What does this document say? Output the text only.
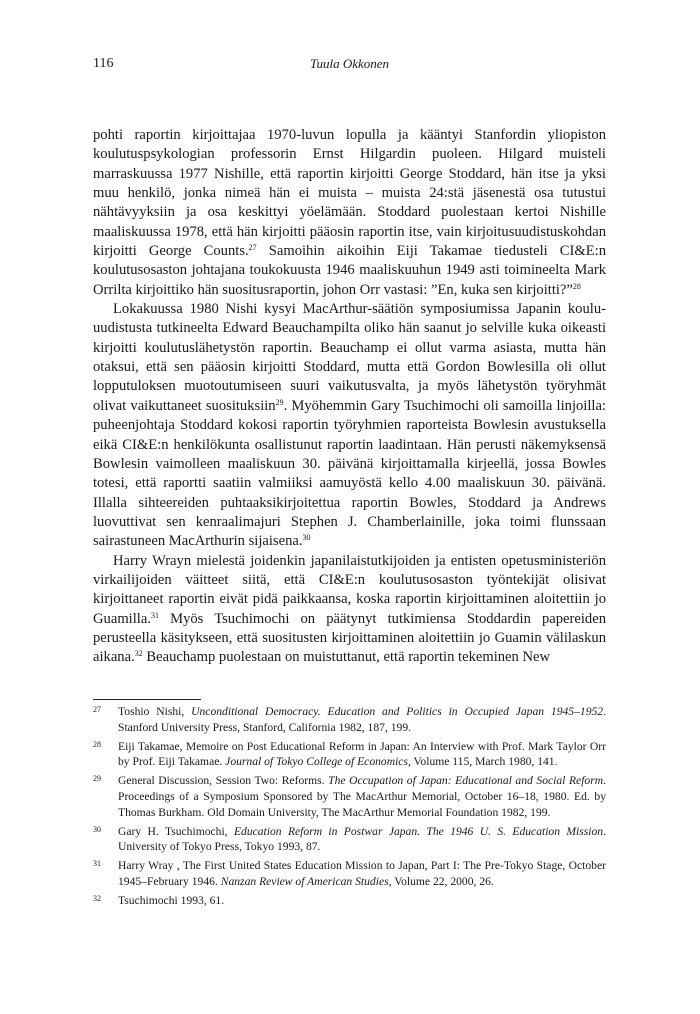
116	Tuula Okkonen

pohti raportin kirjoittajaa 1970-luvun lopulla ja kääntyi Stanfordin yliopiston koulutuspsykologian professorin Ernst Hilgardin puoleen. Hilgard muisteli marraskuussa 1977 Nishille, että raportin kirjoitti George Stoddard, hän itse ja yksi muu henkilö, jonka nimeä hän ei muista – muista 24:stä jäsenestä osa tutustui nähtävyyksiin ja osa keskittyi yöelämään. Stoddard puolestaan kertoi Nishille maaliskuussa 1978, että hän kirjoitti pääosin raportin itse, vain kirjoitusuudistuskohdan kirjoitti George Counts.$^{27}$ Samoihin aikoihin Eiji Takamae tiedusteli CI&E:n koulutusosaston johtajana toukokuusta 1946 maaliskuuhun 1949 asti toimineelta Mark Orrilta kirjoittiko hän suositusraportin, johon Orr vastasi: ”En, kuka sen kirjoitti?”$^{28}$

Lokakuussa 1980 Nishi kysyi MacArthur-säätiön symposiumissa Japanin kouluuudistusta tutkineelta Edward Beauchampilta oliko hän saanut jo selville kuka oikeasti kirjoitti koulutuslähetystön raportin. Beauchamp ei ollut varma asiasta, mutta hän otaksui, että sen pääosin kirjoitti Stoddard, mutta että Gordon Bowlesilla oli ollut lopputuloksen muotoutumiseen suuri vaikutusvalta, ja myös lähetystön työryhmät olivat vaikuttaneet suosituksiin$^{29}$. Myöhemmin Gary Tsuchimochi oli samoilla linjoilla: puheenjohtaja Stoddard kokosi raportin työryhmien raporteista Bowlesin avustuksella eikä CI&E:n henkilökunta osallistunut raportin laadintaan. Hän perusti näkemyksensä Bowlesin vaimolleen maaliskuun 30. päivänä kirjoittamalla kirjeellä, jossa Bowles totesi, että raportti saatiin valmiiksi aamuyöstä kello 4.00 maaliskuun 30. päivänä. Illalla sihteereiden puhtaaksikirjoitettua raportin Bowles, Stoddard ja Andrews luovuttivat sen kenraalimajuri Stephen J. Chamberlainille, joka toimi flunssaan sairastuneen MacArthurin sijaisena.$^{30}$

Harry Wrayn mielestä joidenkin japanilaistutkijoiden ja entisten opetusministeriön virkailijoiden väitteet siitä, että CI&E:n koulutusosaston työntekijät olisivat kirjoittaneet raportin eivät pidä paikkaansa, koska raportin kirjoittaminen aloitettiin jo Guamilla.$^{31}$ Myös Tsuchimochi on päätynyt tutkimiensa Stoddardin papereiden perusteella käsitykseen, että suositusten kirjoittaminen aloitettiin jo Guamin välilaskun aikana.$^{32}$ Beauchamp puolestaan on muistuttanut, että raportin tekeminen New

27 Toshio Nishi, Unconditional Democracy. Education and Politics in Occupied Japan 1945–1952. Stanford University Press, Stanford, California 1982, 187, 199.
28 Eiji Takamae, Memoire on Post Educational Reform in Japan: An Interview with Prof. Mark Taylor Orr by Prof. Eiji Takamae. Journal of Tokyo College of Economics, Volume 115, March 1980, 141.
29 General Discussion, Session Two: Reforms. The Occupation of Japan: Educational and Social Reform. Proceedings of a Symposium Sponsored by The MacArthur Memorial, October 16–18, 1980. Ed. by Thomas Burkham. Old Domain University, The MacArthur Memorial Foundation 1982, 199.
30 Gary H. Tsuchimochi, Education Reform in Postwar Japan. The 1946 U. S. Education Mission. University of Tokyo Press, Tokyo 1993, 87.
31 Harry Wray , The First United States Education Mission to Japan, Part I: The Pre-Tokyo Stage, October 1945–February 1946. Nanzan Review of American Studies, Volume 22, 2000, 26.
32 Tsuchimochi 1993, 61.
